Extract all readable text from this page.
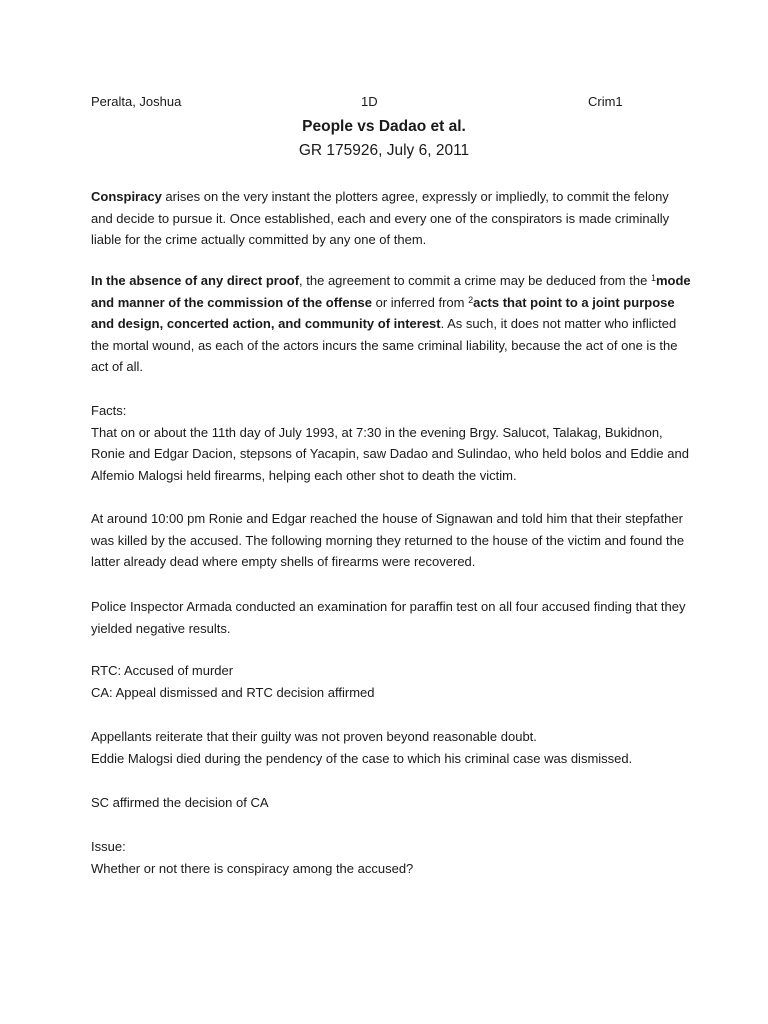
Peralta, Joshua	1D	Crim1
People vs Dadao et al.
GR 175926, July 6, 2011

Conspiracy arises on the very instant the plotters agree, expressly or impliedly, to commit the felony and decide to pursue it. Once established, each and every one of the conspirators is made criminally liable for the crime actually committed by any one of them.

In the absence of any direct proof, the agreement to commit a crime may be deduced from the $^1$mode and manner of the commission of the offense or inferred from $^2$acts that point to a joint purpose and design, concerted action, and community of interest. As such, it does not matter who inflicted the mortal wound, as each of the actors incurs the same criminal liability, because the act of one is the act of all.

Facts:

That on or about the 11th day of July 1993, at 7:30 in the evening Brgy. Salucot, Talakag, Bukidnon, Ronie and Edgar Dacion, stepsons of Yacapin, saw Dadao and Sulindao, who held bolos and Eddie and Alfemio Malogsi held firearms, helping each other shot to death the victim.

At around 10:00 pm Ronie and Edgar reached the house of Signawan and told him that their stepfather was killed by the accused. The following morning they returned to the house of the victim and found the latter already dead where empty shells of firearms were recovered.

Police Inspector Armada conducted an examination for paraffin test on all four accused finding that they yielded negative results.

RTC: Accused of murder

CA: Appeal dismissed and RTC decision affirmed

Appellants reiterate that their guilty was not proven beyond reasonable doubt.

Eddie Malogsi died during the pendency of the case to which his criminal case was dismissed.

SC affirmed the decision of CA

Issue:

Whether or not there is conspiracy among the accused?
